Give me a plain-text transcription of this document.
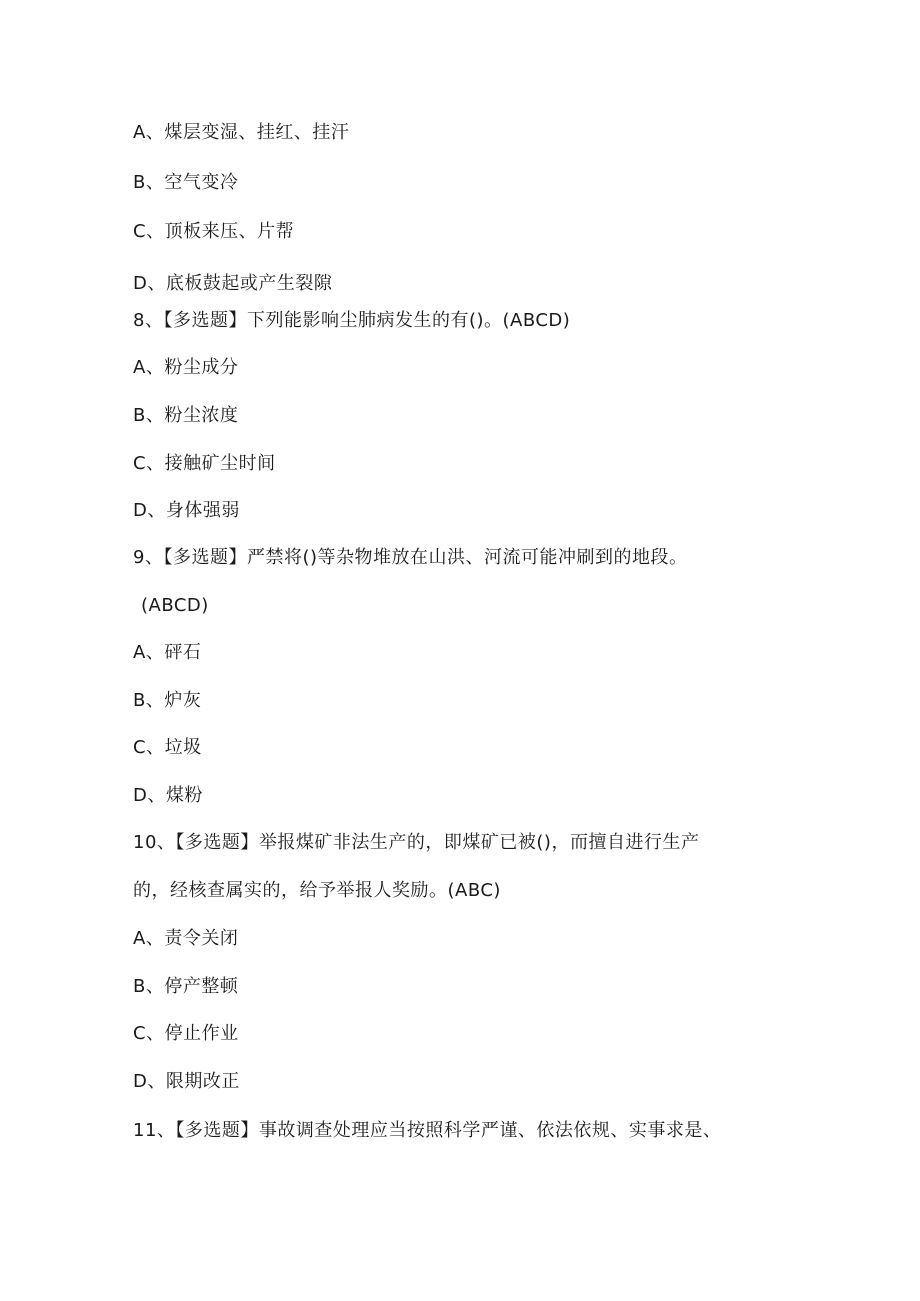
A、煤层变湿、挂红、挂汗
B、空气变冷
C、顶板来压、片帮
D、底板鼓起或产生裂隙
8、【多选题】下列能影响尘肺病发生的有()。(ABCD)
A、粉尘成分
B、粉尘浓度
C、接触矿尘时间
D、身体强弱
9、【多选题】严禁将()等杂物堆放在山洪、河流可能冲刷到的地段。
(ABCD)
A、砰石
B、炉灰
C、垃圾
D、煤粉
10、【多选题】举报煤矿非法生产的，即煤矿已被()，而擅自进行生产
的，经核查属实的，给予举报人奖励。(ABC)
A、责令关闭
B、停产整顿
C、停止作业
D、限期改正
11、【多选题】事故调查处理应当按照科学严谨、依法依规、实事求是、
